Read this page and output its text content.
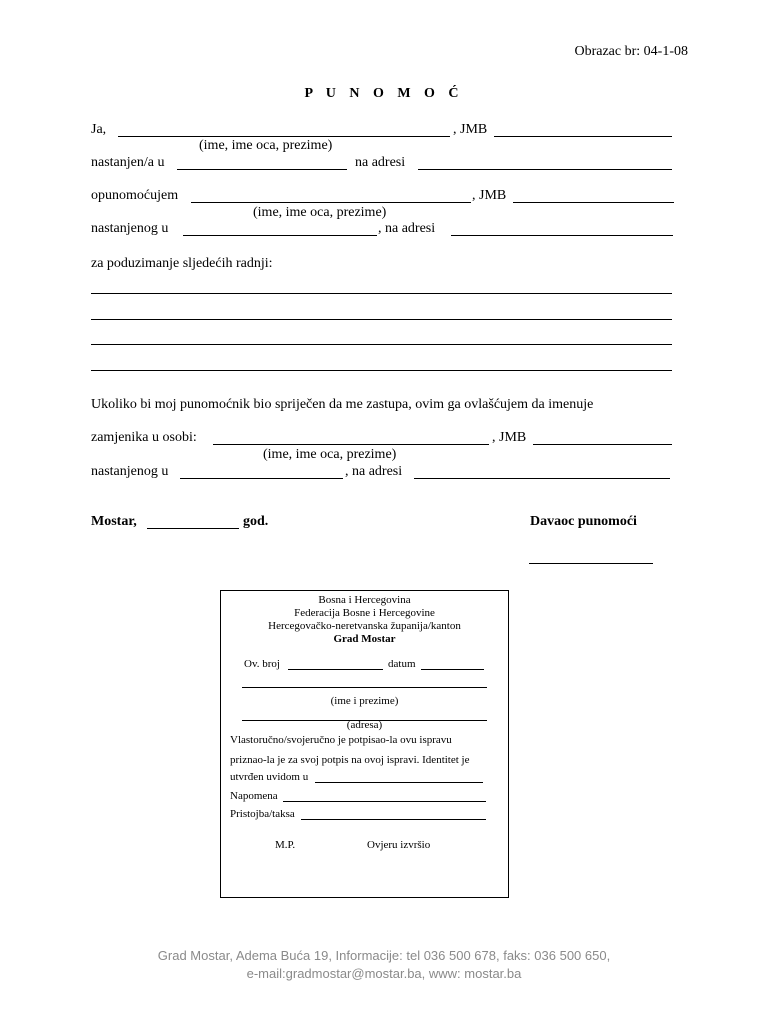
Obrazac br: 04-1-08
P U N O M O Ć
Ja,	, JMB
(ime, ime oca, prezime)
nastanjen/a u	na adresi
opunomoćujem	, JMB
(ime, ime oca, prezime)
nastanjenog u	, na adresi
za poduzimanje sljedećih radnji:
Ukoliko bi moj punomoćnik bio spriječen da me zastupa, ovim ga ovlašćujem da imenuje
zamjenika u osobi:	, JMB
(ime, ime oca, prezime)
nastanjenog u	, na adresi
Mostar,	god.	Davaoc punomoći
Bosna i Hercegovina
Federacija Bosne i Hercegovine
Hercegovačko-neretvanska županija/kanton
Grad Mostar
Ov. broj	datum
(ime i prezime)
(adresa)
Vlastoručno/svojeručno je potpisao-la ovu ispravu
priznao-la je za svoj potpis na ovoj ispravi. Identitet je
utvrđen uvidom u
Napomena
Pristojba/taksa
M.P.	Ovjeru izvršio
Grad Mostar, Adema Buća 19, Informacije: tel 036 500 678, faks: 036 500 650,
e-mail:gradmostar@mostar.ba, www: mostar.ba
